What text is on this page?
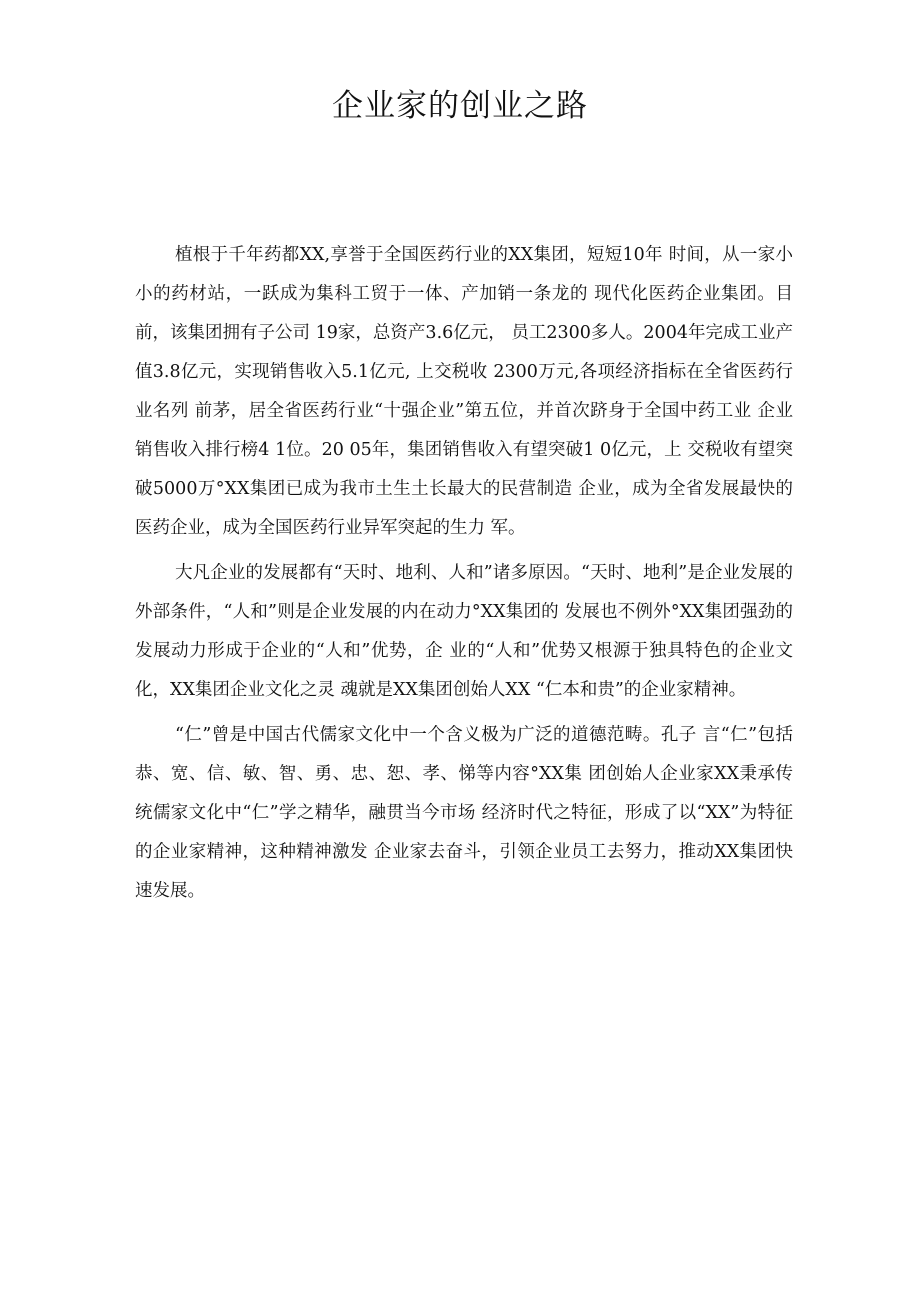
企业家的创业之路

植根于千年药都XX,享誉于全国医药行业的XX集团，短短10年 时间，从一家小小的药材站，一跃成为集科工贸于一体、产加销一条龙的 现代化医药企业集团。目前，该集团拥有子公司 19家，总资产3.6亿元， 员工2300多人。2004年完成工业产值3.8亿元，实现销售收入5.1亿元, 上交税收 2300万元,各项经济指标在全省医药行业名列 前茅，居全省医药行业“十强企业”第五位，并首次跻身于全国中药工业 企业销售收入排行榜4 1位。20 05年，集团销售收入有望突破1 0亿元，上 交税收有望突破5000万°XX集团已成为我市土生土长最大的民营制造 企业，成为全省发展最快的医药企业，成为全国医药行业异军突起的生力 军。

大凡企业的发展都有“天时、地利、人和”诸多原因。“天时、地利”是企业发展的外部条件，“人和”则是企业发展的内在动力°XX集团的 发展也不例外°XX集团强劲的发展动力形成于企业的“人和”优势，企 业的“人和”优势又根源于独具特色的企业文化，XX集团企业文化之灵 魂就是XX集团创始人XX “仁本和贵”的企业家精神。

“仁”曾是中国古代儒家文化中一个含义极为广泛的道德范畴。孔子 言“仁”包括恭、宽、信、敏、智、勇、忠、恕、孝、悌等内容°XX集 团创始人企业家XX秉承传统儒家文化中“仁”学之精华，融贯当今市场 经济时代之特征，形成了以“XX”为特征的企业家精神，这种精神激发 企业家去奋斗，引领企业员工去努力，推动XX集团快速发展。
